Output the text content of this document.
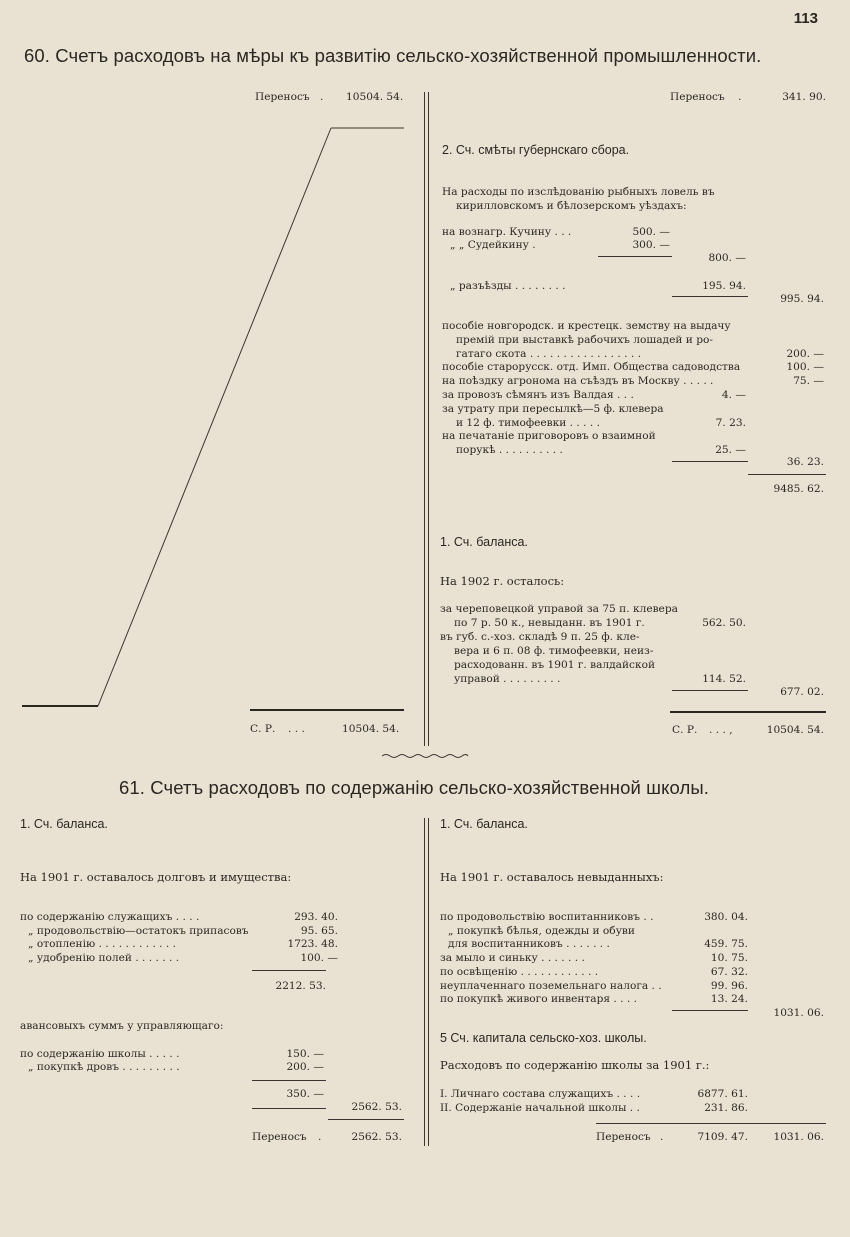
113
60. Счетъ расходовъ на мѣры къ развитію сельско-хозяйственной промышленности.
Переносъ . 10504. 54.
С. Р. . . .	10504. 54.
Переносъ .	341. 90.
2. Сч. смѣты губернскаго сбора.
На расходы по изслѣдованію рыбныхъ ловель въ
кирилловскомъ и бѣлозерскомъ уѣздахъ:
на вознагр. Кучину . . .	500. —
„ „ Судейкину .	300. —
800. —
„ разъѣзды . . . . . . . .	195. 94.
995. 94.
пособіе новгородск. и крестецк. земству на выдачу
премій при выставкѣ рабочихъ лошадей и ро-
гатаго скота . . . . . . . . . . . . . . . . .	200. —
пособіе старорусск. отд. Имп. Общества садоводства	100. —
на поѣздку агронома на съѣздъ въ Москву . . . . .	75. —
за провозъ сѣмянъ изъ Валдая . . .	4. —
за утрату при пересылкѣ—5 ф. клевера
и 12 ф. тимофеевки . . . . .	7. 23.
на печатаніе приговоровъ о взаимной
порукѣ . . . . . . . . . .	25. —
36. 23.
9485. 62.
1. Сч. баланса.
На 1902 г. осталось:
за череповецкой управой за 75 п. клевера
по 7 р. 50 к., невыданн. въ 1901 г.	562. 50.
въ губ. с.-хоз. складѣ 9 п. 25 ф. кле-
вера и 6 п. 08 ф. тимофеевки, неиз-
расходованн. въ 1901 г. валдайской
управой . . . . . . . . .	114. 52.
677. 02.
С. Р. . . . ,	10504. 54.
61. Счетъ расходовъ по содержанію сельско-хозяйственной школы.
1. Сч. баланса.
На 1901 г. оставалось долговъ и имущества:
по содержанію служащихъ . . . .	293. 40.
„ продовольствію—остатокъ припасовъ	95. 65.
„ отопленію . . . . . . . . . . . .	1723. 48.
„ удобренію полей . . . . . . .	100. —
2212. 53.
авансовыхъ суммъ у управляющаго:
по содержанію школы . . . . .	150. —
„ покупкѣ дровъ . . . . . . . . .	200. —
350. —
2562. 53.
Переносъ .	2562. 53.
1. Сч. баланса.
На 1901 г. оставалось невыданныхъ:
по продовольствію воспитанниковъ . .	380. 04.
„ покупкѣ бѣлья, одежды и обуви
для воспитанниковъ . . . . . . .	459. 75.
за мыло и синьку . . . . . . .	10. 75.
по освѣщенію . . . . . . . . . . . .	67. 32.
неуплаченнаго поземельнаго налога . .	99. 96.
по покупкѣ живого инвентаря . . . .	13. 24.
1031. 06.
5 Сч. капитала сельско-хоз. школы.
Расходовъ по содержанію школы за 1901 г.:
I. Личнаго состава служащихъ . . . .	6877. 61.
II. Содержаніе начальной школы . .	231. 86.
Переносъ .	7109. 47. 1031. 06.
